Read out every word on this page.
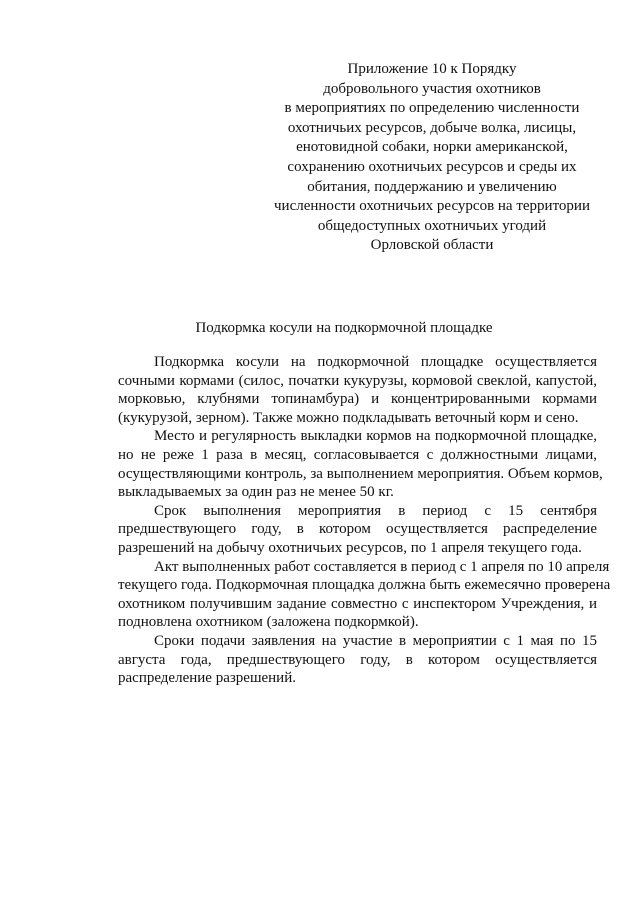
Приложение 10 к Порядку
добровольного участия охотников
в мероприятиях по определению численности
охотничьих ресурсов, добыче волка, лисицы,
енотовидной собаки, норки американской,
сохранению охотничьих ресурсов и среды их
обитания, поддержанию и увеличению
численности охотничьих ресурсов на территории
общедоступных охотничьих угодий
Орловской области
Подкормка косули на подкормочной площадке

Подкормка косули на подкормочной площадке осуществляется
сочными кормами (силос, початки кукурузы, кормовой свеклой, капустой,
морковью, клубнями топинамбура) и концентрированными кормами
(кукурузой, зерном). Также можно подкладывать веточный корм и сено.

Место и регулярность выкладки кормов на подкормочной площадке,
но не реже 1 раза в месяц, согласовывается с должностными лицами,
осуществляющими контроль, за выполнением мероприятия. Объем кормов,
выкладываемых за один раз не менее 50 кг.

Срок выполнения мероприятия в период с 15 сентября
предшествующего году, в котором осуществляется распределение
разрешений на добычу охотничьих ресурсов, по 1 апреля текущего года.

Акт выполненных работ составляется в период с 1 апреля по 10 апреля
текущего года. Подкормочная площадка должна быть ежемесячно проверена
охотником получившим задание совместно с инспектором Учреждения, и
подновлена охотником (заложена подкормкой).

Сроки подачи заявления на участие в мероприятии с 1 мая по 15
августа года, предшествующего году, в котором осуществляется
распределение разрешений.
